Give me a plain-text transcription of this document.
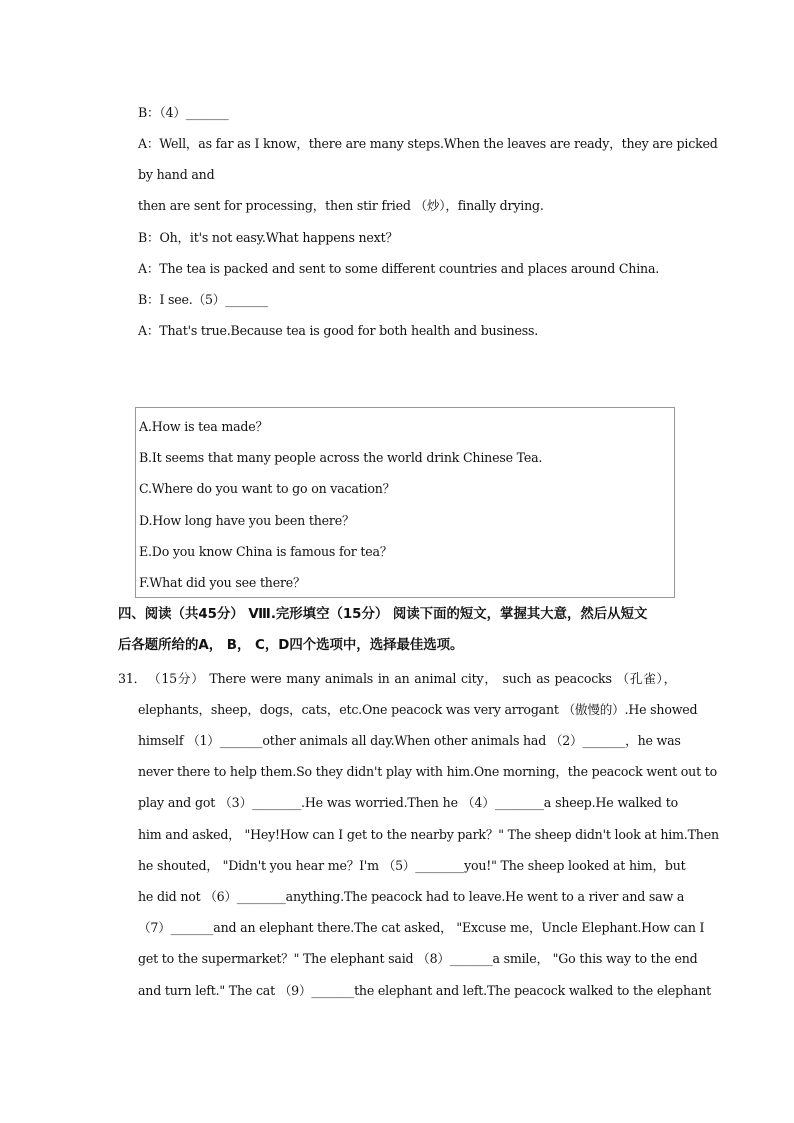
B：（4）_______
A：Well，as far as I know，there are many steps.When the leaves are ready，they are picked
by hand and
then are sent for processing，then stir fried （炒），finally drying.
B：Oh，it's not easy.What happens next？
A：The tea is packed and sent to some different countries and places around China.
B：I see.（5）_______
A：That's true.Because tea is good for both health and business.
A.How is tea made？
B.It seems that many people across the world drink Chinese Tea.
C.Where do you want to go on vacation？
D.How long have you been there？
E.Do you know China is famous for tea？
F.What did you see there？
四、阅读（共45分） Ⅷ.完形填空（15分） 阅读下面的短文，掌握其大意，然后从短文
后各题所给的A， B， C，D四个选项中，选择最佳选项。
31． （15分） There were many animals in an animal city， such as peacocks （孔雀），
elephants，sheep，dogs，cats，etc.One peacock was very arrogant （傲慢的）.He showed
himself （1）_______other animals all day.When other animals had （2）_______，he was
never there to help them.So they didn't play with him.One morning，the peacock went out to
play and got （3）________.He was worried.Then he （4）________a sheep.He walked to
him and asked， "Hey!How can I get to the nearby park？" The sheep didn't look at him.Then
he shouted， "Didn't you hear me？I'm （5）________you!" The sheep looked at him，but
he did not （6）________anything.The peacock had to leave.He went to a river and saw a
（7）_______and an elephant there.The cat asked， "Excuse me，Uncle Elephant.How can I
get to the supermarket？" The elephant said （8）_______a smile， "Go this way to the end
and turn left." The cat （9）_______the elephant and left.The peacock walked to the elephant
